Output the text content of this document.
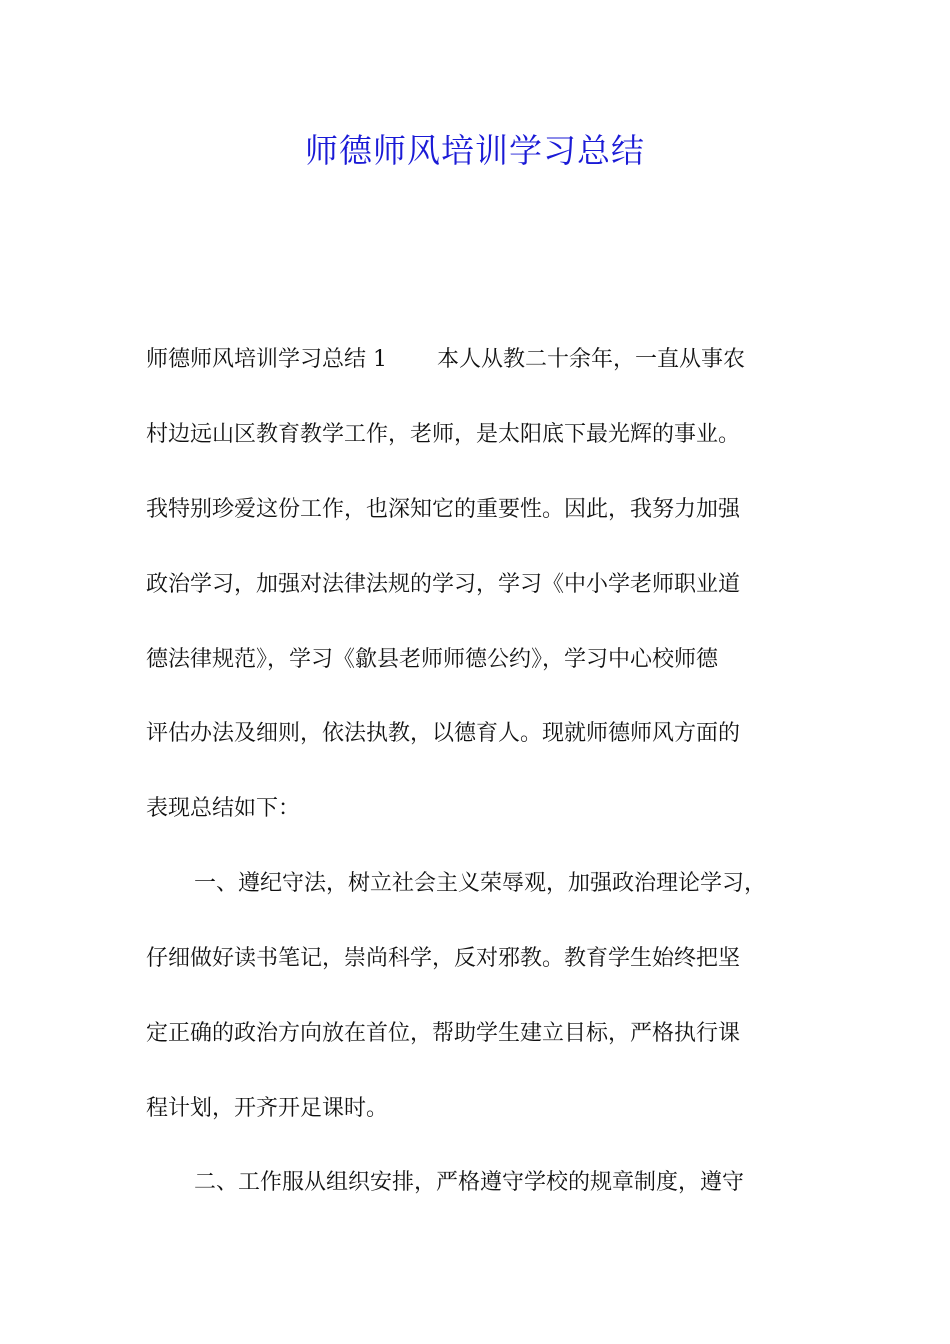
师德师风培训学习总结

师德师风培训学习总结 1 本人从教二十余年，一直从事农

村边远山区教育教学工作，老师，是太阳底下最光辉的事业。

我特别珍爱这份工作，也深知它的重要性。因此，我努力加强

政治学习，加强对法律法规的学习，学习《中小学老师职业道

德法律规范》，学习《歙县老师师德公约》，学习中心校师德

评估办法及细则，依法执教，以德育人。现就师德师风方面的

表现总结如下：

一、遵纪守法，树立社会主义荣辱观，加强政治理论学习，

仔细做好读书笔记，崇尚科学，反对邪教。教育学生始终把坚

定正确的政治方向放在首位，帮助学生建立目标，严格执行课

程计划，开齐开足课时。

二、工作服从组织安排，严格遵守学校的规章制度，遵守
